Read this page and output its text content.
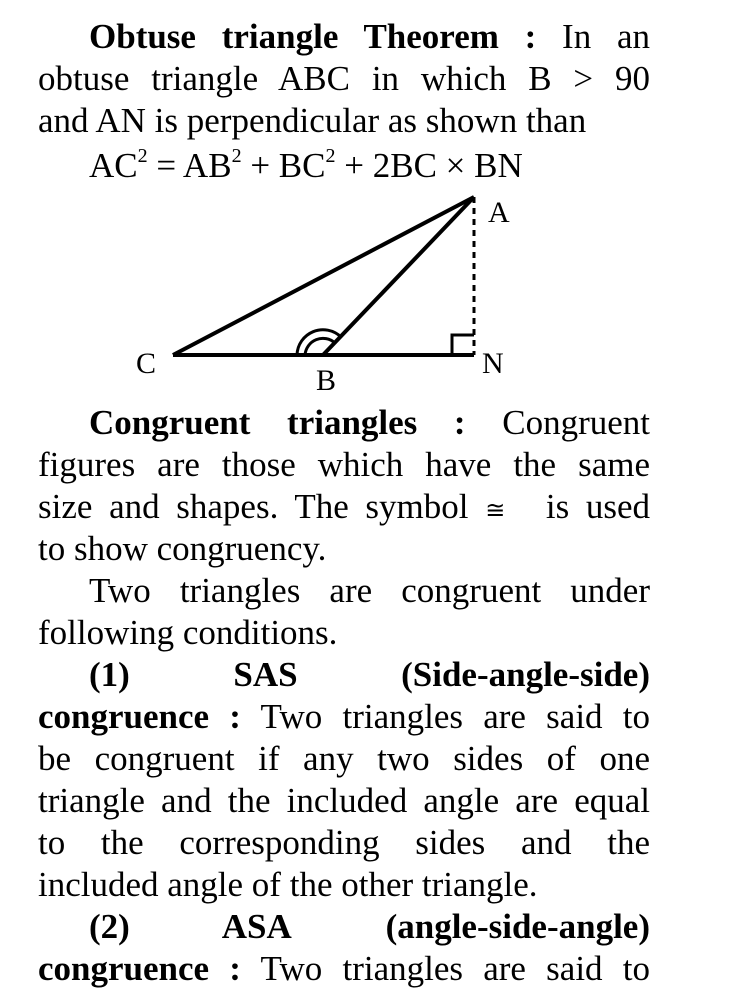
Obtuse triangle Theorem : In an
obtuse triangle ABC in which B > 90
and AN is perpendicular as shown than
$AC^2 = AB^2 + BC^2 + 2BC$ × BN
A
C
B
N
Congruent triangles : Congruent
figures are those which have the same
size and shapes. The symbol ≅ is used
to show congruency.
Two triangles are congruent under
following conditions.
(1) SAS	(Side-angle-side)
congruence : Two triangles are said to
be congruent if any two sides of one
triangle and the included angle are equal
to the corresponding sides and the
included angle of the other triangle.
(2) ASA	(angle-side-angle)
congruence : Two triangles are said to
